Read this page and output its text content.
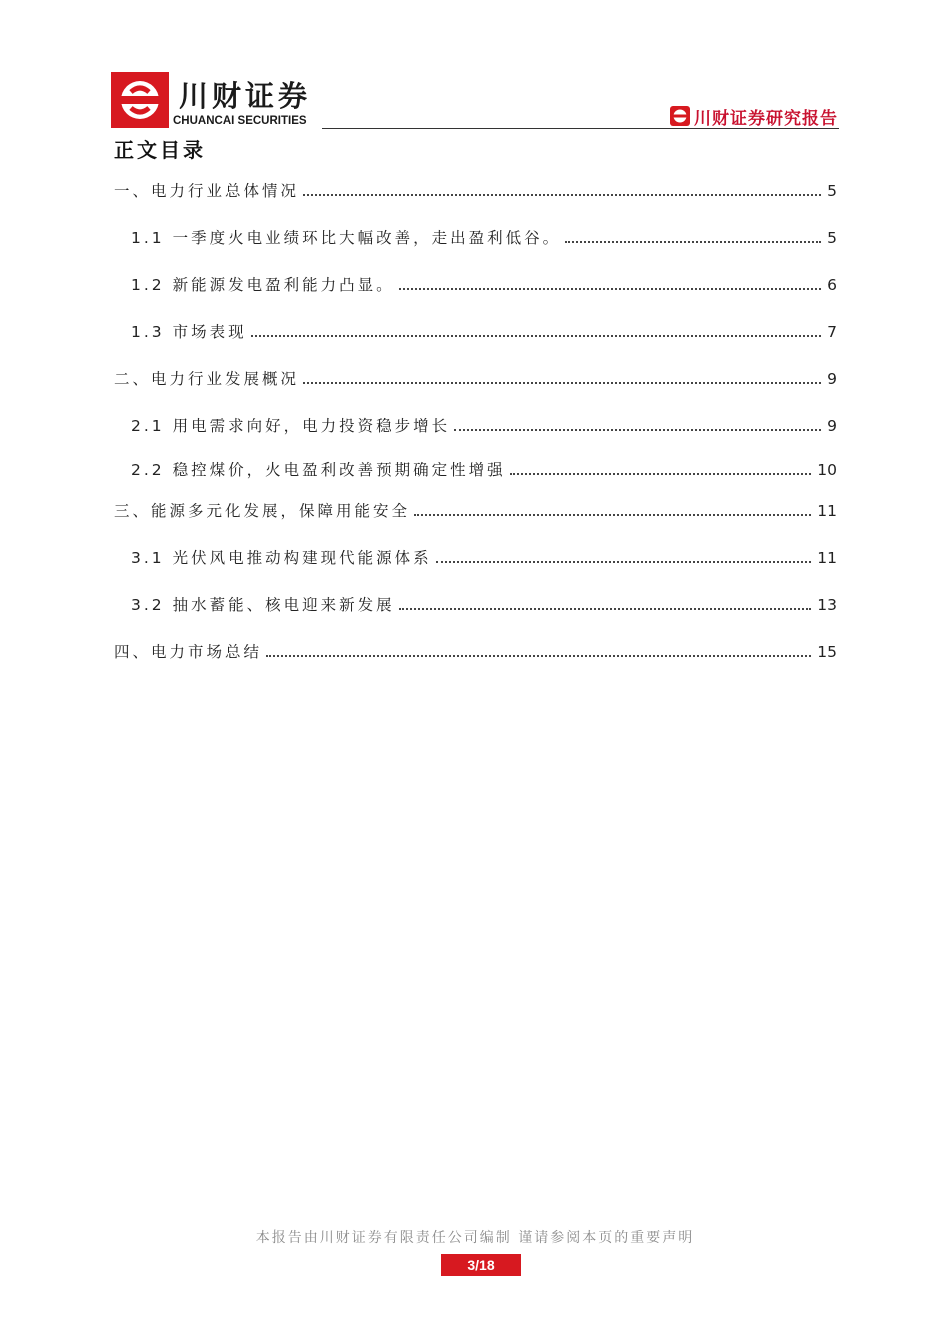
川财证券
CHUANCAI SECURITIES	川财证券研究报告
正文目录
一、电力行业总体情况	5
1.1 一季度火电业绩环比大幅改善，走出盈利低谷。	5
1.2 新能源发电盈利能力凸显。	6
1.3 市场表现	7
二、电力行业发展概况	9
2.1 用电需求向好，电力投资稳步增长	9
2.2 稳控煤价，火电盈利改善预期确定性增强	10
三、能源多元化发展，保障用能安全	11
3.1 光伏风电推动构建现代能源体系	11
3.2 抽水蓄能、核电迎来新发展	13
四、电力市场总结	15
本报告由川财证券有限责任公司编制 谨请参阅本页的重要声明
3/18
